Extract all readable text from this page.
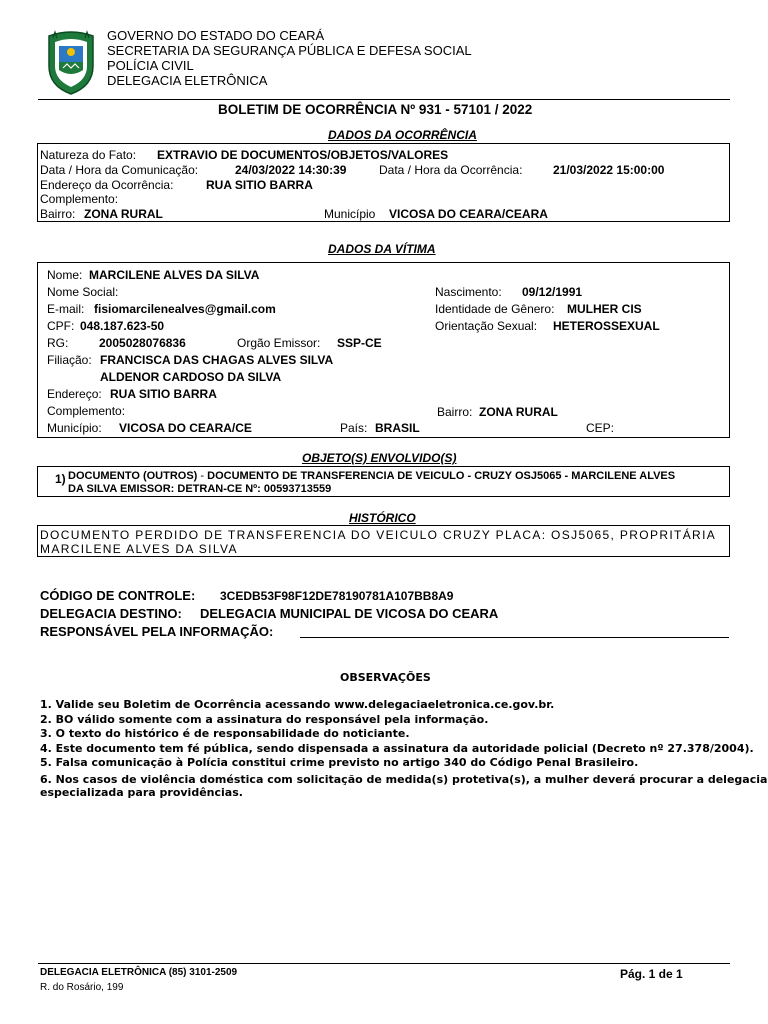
GOVERNO DO ESTADO DO CEARÁ
SECRETARIA DA SEGURANÇA PÚBLICA E DEFESA SOCIAL
POLÍCIA CIVIL
DELEGACIA ELETRÔNICA
BOLETIM DE OCORRÊNCIA Nº 931 - 57101 / 2022
DADOS DA OCORRÊNCIA
Natureza do Fato: EXTRAVIO DE DOCUMENTOS/OBJETOS/VALORES
Data / Hora da Comunicação:	24/03/2022 14:30:39	Data / Hora da Ocorrência:	21/03/2022 15:00:00
Endereço da Ocorrência:	RUA SITIO BARRA
Complemento:
Bairro: ZONA RURAL	Município VICOSA DO CEARA/CEARA
DADOS DA VÍTIMA
Nome: MARCILENE ALVES DA SILVA
Nome Social:	Nascimento: 09/12/1991
E-mail: fisiomarcilenealves@gmail.com	Identidade de Gênero: MULHER CIS
CPF: 048.187.623-50	Orientação Sexual: HETEROSSEXUAL
RG:	2005028076836	Orgão Emissor: SSP-CE
Filiação: FRANCISCA DAS CHAGAS ALVES SILVA
ALDENOR CARDOSO DA SILVA
Endereço: RUA SITIO BARRA
Complemento:	Bairro: ZONA RURAL
Município: VICOSA DO CEARA/CE	País: BRASIL	CEP:
OBJETO(S) ENVOLVIDO(S)
1) DOCUMENTO (OUTROS) - DOCUMENTO DE TRANSFERENCIA DE VEICULO - CRUZY OSJ5065 - MARCILENE ALVES
DA SILVA EMISSOR: DETRAN-CE Nº: 00593713559
HISTÓRICO
DOCUMENTO PERDIDO DE TRANSFERENCIA DO VEICULO CRUZY PLACA: OSJ5065, PROPRITÁRIA
MARCILENE ALVES DA SILVA
CÓDIGO DE CONTROLE: 3CEDB53F98F12DE78190781A107BB8A9
DELEGACIA DESTINO: DELEGACIA MUNICIPAL DE VICOSA DO CEARA
RESPONSÁVEL PELA INFORMAÇÃO:
OBSERVAÇÕES
1. Valide seu Boletim de Ocorrência acessando www.delegaciaeletronica.ce.gov.br.
2. BO válido somente com a assinatura do responsável pela informação.
3. O texto do histórico é de responsabilidade do noticiante.
4. Este documento tem fé pública, sendo dispensada a assinatura da autoridade policial (Decreto nº 27.378/2004).
5. Falsa comunicação à Polícia constitui crime previsto no artigo 340 do Código Penal Brasileiro.
6. Nos casos de violência doméstica com solicitação de medida(s) protetiva(s), a mulher deverá procurar a delegacia
especializada para providências.
DELEGACIA ELETRÔNICA (85) 3101-2509	Pág. 1 de 1
R. do Rosário, 199
